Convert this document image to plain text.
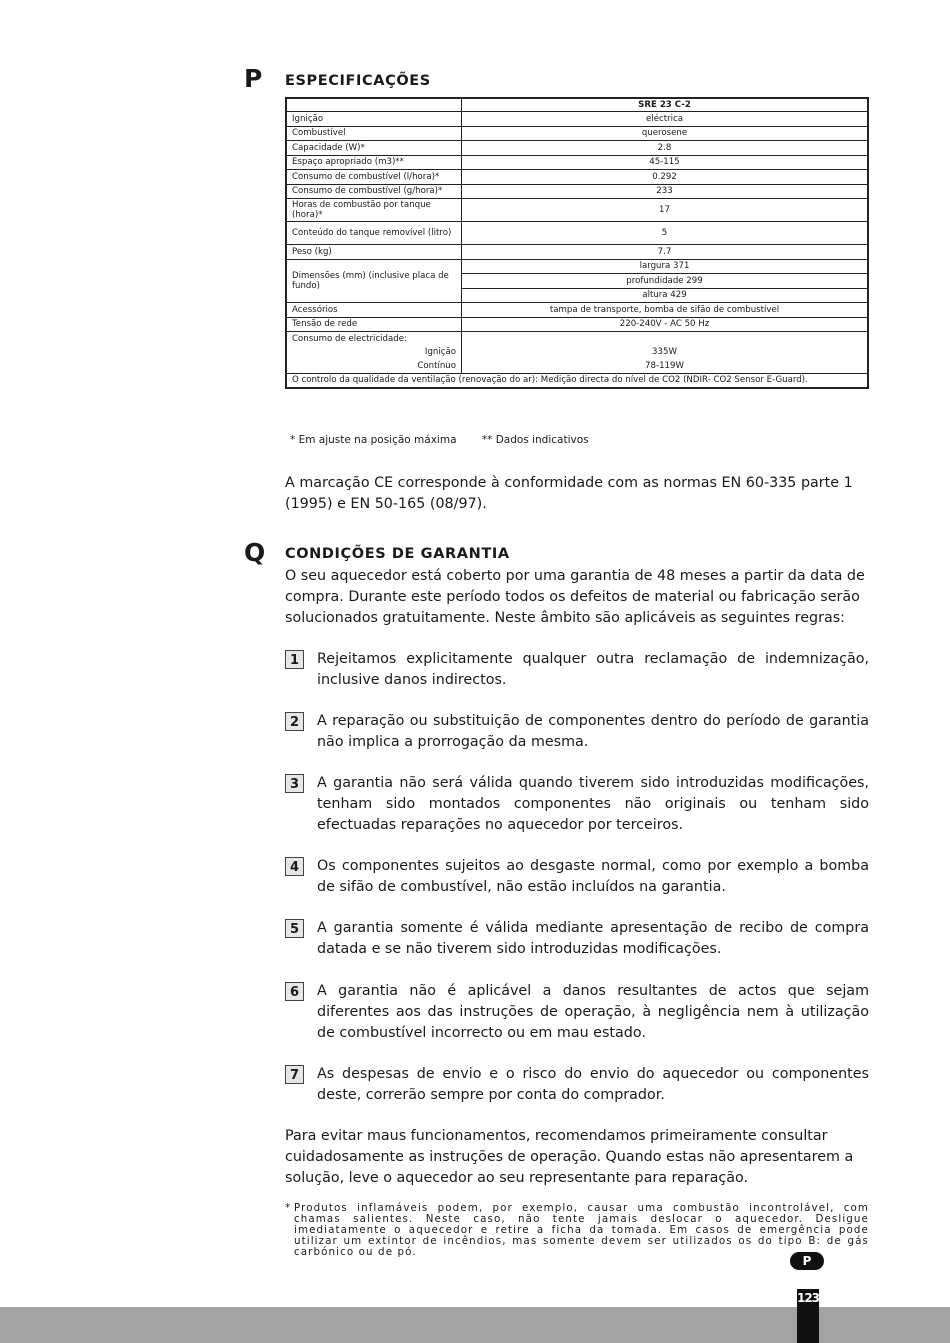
P ESPECIFICAÇÕES
	SRE 23 C-2
Ignição	eléctrica
Combustível	querosene
Capacidade (W)*	2.8
Espaço apropriado (m3)**	45-115
Consumo de combustível (l/hora)*	0.292
Consumo de combustível (g/hora)*	233
Horas de combustão por tanque (hora)*	17
Conteúdo do tanque removível (litro)	5
Peso (kg)	7.7
Dimensões (mm) (inclusive placa de fundo)	largura 371
	profundidade 299
	altura 429
Acessórios	tampa de transporte, bomba de sifão de combustível
Tensão de rede	220-240V - AC 50 Hz
Consumo de electricidade:	
Ignição	335W
Contínuo	78-119W
O controlo da qualidade da ventilação (renovação do ar): Medição directa do nível de CO2 (NDIR- CO2 Sensor E-Guard).	
* Em ajuste na posição máxima ** Dados indicativos
A marcação CE corresponde à conformidade com as normas EN 60-335 parte 1 (1995) e EN 50-165 (08/97).
Q CONDIÇÕES DE GARANTIA
O seu aquecedor está coberto por uma garantia de 48 meses a partir da data de compra. Durante este período todos os defeitos de material ou fabricação serão solucionados gratuitamente. Neste âmbito são aplicáveis as seguintes regras:
1	Rejeitamos explicitamente qualquer outra reclamação de indemnização, inclusive danos indirectos.
2	A reparação ou substituição de componentes dentro do período de garantia não implica a prorrogação da mesma.
3	A garantia não será válida quando tiverem sido introduzidas modificações, tenham sido montados componentes não originais ou tenham sido efectuadas reparações no aquecedor por terceiros.
4	Os componentes sujeitos ao desgaste normal, como por exemplo a bomba de sifão de combustível, não estão incluídos na garantia.
5	A garantia somente é válida mediante apresentação de recibo de compra datada e se não tiverem sido introduzidas modificações.
6	A garantia não é aplicável a danos resultantes de actos que sejam diferentes aos das instruções de operação, à negligência nem à utilização de combustível incorrecto ou em mau estado.
7	As despesas de envio e o risco do envio do aquecedor ou componentes deste, correrão sempre por conta do comprador.
Para evitar maus funcionamentos, recomendamos primeiramente consultar cuidadosamente as instruções de operação. Quando estas não apresentarem a solução, leve o aquecedor ao seu representante para reparação.
* Produtos inflamáveis podem, por exemplo, causar uma combustão incontrolável, com chamas salientes. Neste caso, não tente jamais deslocar o aquecedor. Desligue imediatamente o aquecedor e retire a ficha da tomada. Em casos de emergência pode utilizar um extintor de incêndios, mas somente devem ser utilizados os do tipo B: de gás carbónico ou de pó.
P
123
